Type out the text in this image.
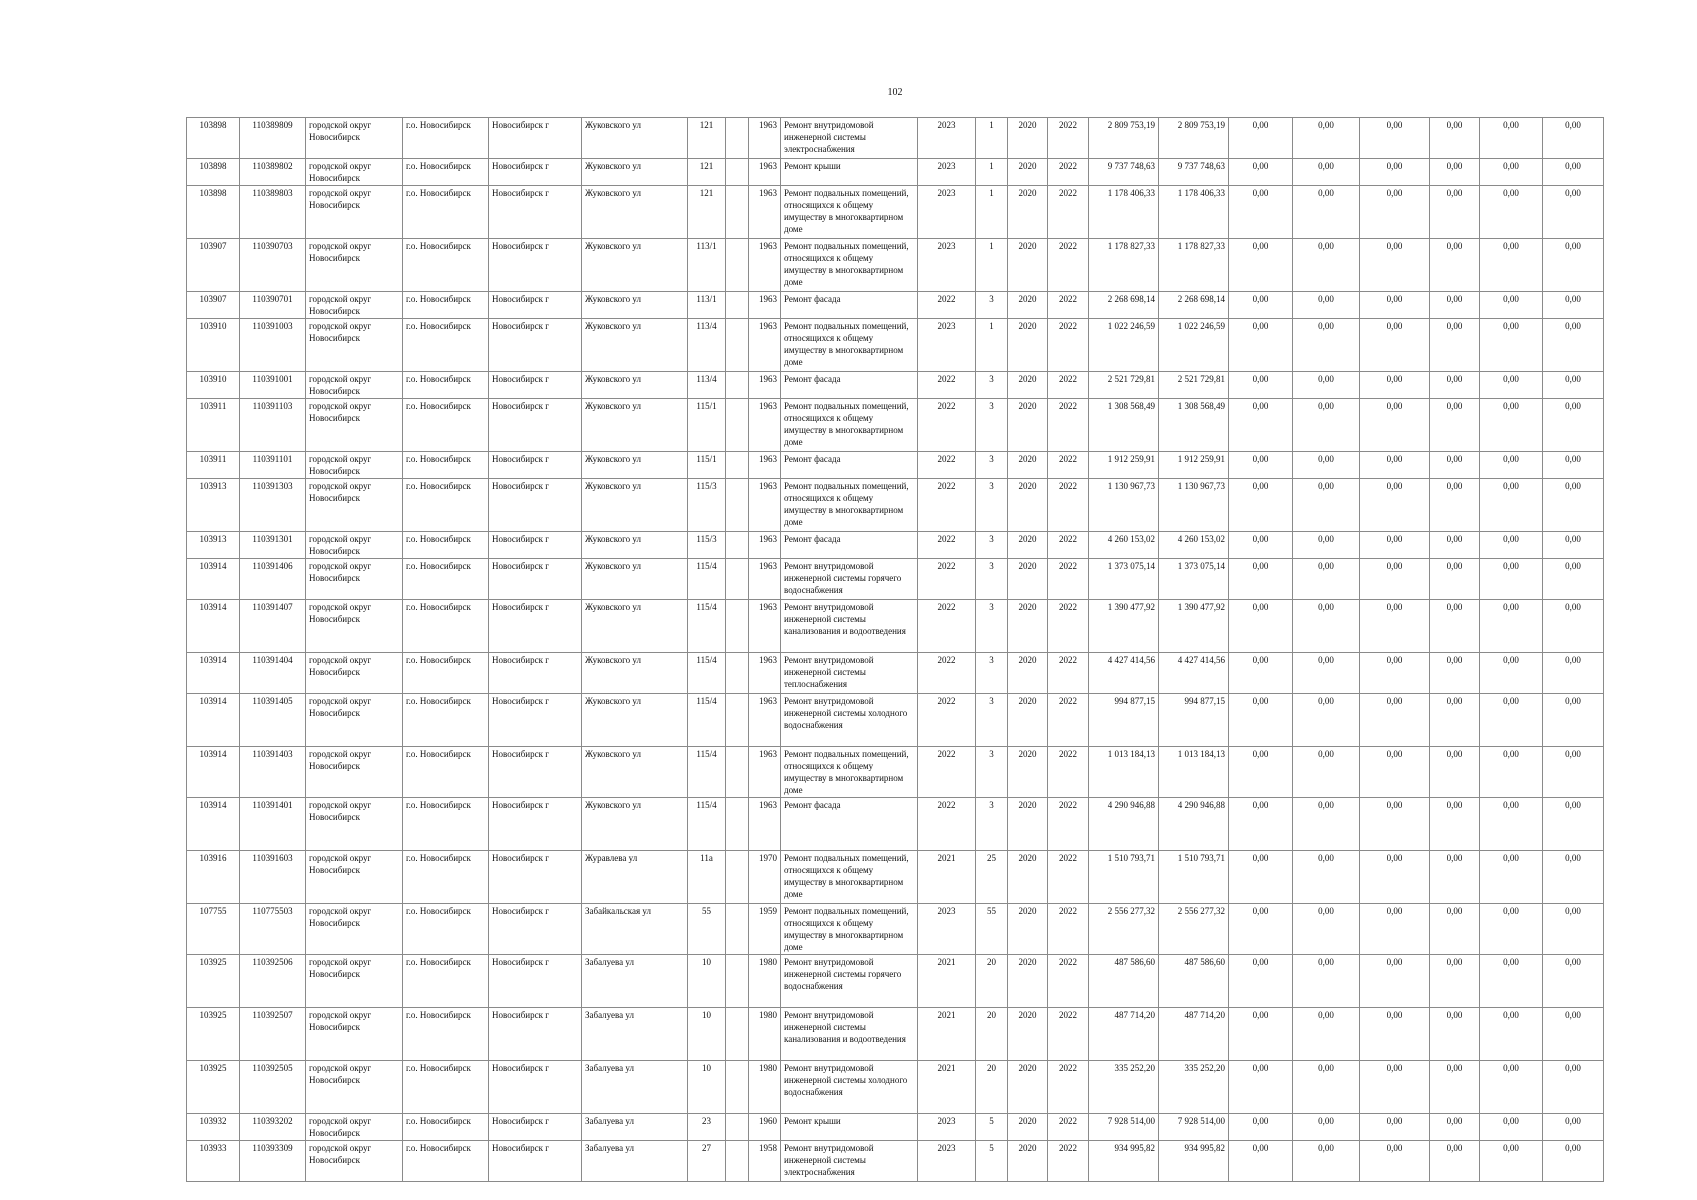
102
103898	110389809	городской округ Новосибирск	г.о. Новосибирск	Новосибирск г	Жуковского ул	121		1963	Ремонт внутридомовой инженерной системы электроснабжения	2023	1	2020	2022	2 809 753,19	2 809 753,19	0,00	0,00	0,00	0,00	0,00	0,00
103898	110389802	городской округ Новосибирск	г.о. Новосибирск	Новосибирск г	Жуковского ул	121		1963	Ремонт крыши	2023	1	2020	2022	9 737 748,63	9 737 748,63	0,00	0,00	0,00	0,00	0,00	0,00
103898	110389803	городской округ Новосибирск	г.о. Новосибирск	Новосибирск г	Жуковского ул	121		1963	Ремонт подвальных помещений, относящихся к общему имуществу в многоквартирном доме	2023	1	2020	2022	1 178 406,33	1 178 406,33	0,00	0,00	0,00	0,00	0,00	0,00
103907	110390703	городской округ Новосибирск	г.о. Новосибирск	Новосибирск г	Жуковского ул	113/1		1963	Ремонт подвальных помещений, относящихся к общему имуществу в многоквартирном доме	2023	1	2020	2022	1 178 827,33	1 178 827,33	0,00	0,00	0,00	0,00	0,00	0,00
103907	110390701	городской округ Новосибирск	г.о. Новосибирск	Новосибирск г	Жуковского ул	113/1		1963	Ремонт фасада	2022	3	2020	2022	2 268 698,14	2 268 698,14	0,00	0,00	0,00	0,00	0,00	0,00
103910	110391003	городской округ Новосибирск	г.о. Новосибирск	Новосибирск г	Жуковского ул	113/4		1963	Ремонт подвальных помещений, относящихся к общему имуществу в многоквартирном доме	2023	1	2020	2022	1 022 246,59	1 022 246,59	0,00	0,00	0,00	0,00	0,00	0,00
103910	110391001	городской округ Новосибирск	г.о. Новосибирск	Новосибирск г	Жуковского ул	113/4		1963	Ремонт фасада	2022	3	2020	2022	2 521 729,81	2 521 729,81	0,00	0,00	0,00	0,00	0,00	0,00
103911	110391103	городской округ Новосибирск	г.о. Новосибирск	Новосибирск г	Жуковского ул	115/1		1963	Ремонт подвальных помещений, относящихся к общему имуществу в многоквартирном доме	2022	3	2020	2022	1 308 568,49	1 308 568,49	0,00	0,00	0,00	0,00	0,00	0,00
103911	110391101	городской округ Новосибирск	г.о. Новосибирск	Новосибирск г	Жуковского ул	115/1		1963	Ремонт фасада	2022	3	2020	2022	1 912 259,91	1 912 259,91	0,00	0,00	0,00	0,00	0,00	0,00
103913	110391303	городской округ Новосибирск	г.о. Новосибирск	Новосибирск г	Жуковского ул	115/3		1963	Ремонт подвальных помещений, относящихся к общему имуществу в многоквартирном доме	2022	3	2020	2022	1 130 967,73	1 130 967,73	0,00	0,00	0,00	0,00	0,00	0,00
103913	110391301	городской округ Новосибирск	г.о. Новосибирск	Новосибирск г	Жуковского ул	115/3		1963	Ремонт фасада	2022	3	2020	2022	4 260 153,02	4 260 153,02	0,00	0,00	0,00	0,00	0,00	0,00
103914	110391406	городской округ Новосибирск	г.о. Новосибирск	Новосибирск г	Жуковского ул	115/4		1963	Ремонт внутридомовой инженерной системы горячего водоснабжения	2022	3	2020	2022	1 373 075,14	1 373 075,14	0,00	0,00	0,00	0,00	0,00	0,00
103914	110391407	городской округ Новосибирск	г.о. Новосибирск	Новосибирск г	Жуковского ул	115/4		1963	Ремонт внутридомовой инженерной системы канализования и водоотведения	2022	3	2020	2022	1 390 477,92	1 390 477,92	0,00	0,00	0,00	0,00	0,00	0,00
103914	110391404	городской округ Новосибирск	г.о. Новосибирск	Новосибирск г	Жуковского ул	115/4		1963	Ремонт внутридомовой инженерной системы теплоснабжения	2022	3	2020	2022	4 427 414,56	4 427 414,56	0,00	0,00	0,00	0,00	0,00	0,00
103914	110391405	городской округ Новосибирск	г.о. Новосибирск	Новосибирск г	Жуковского ул	115/4		1963	Ремонт внутридомовой инженерной системы холодного водоснабжения	2022	3	2020	2022	994 877,15	994 877,15	0,00	0,00	0,00	0,00	0,00	0,00
103914	110391403	городской округ Новосибирск	г.о. Новосибирск	Новосибирск г	Жуковского ул	115/4		1963	Ремонт подвальных помещений, относящихся к общему имуществу в многоквартирном доме	2022	3	2020	2022	1 013 184,13	1 013 184,13	0,00	0,00	0,00	0,00	0,00	0,00
103914	110391401	городской округ Новосибирск	г.о. Новосибирск	Новосибирск г	Жуковского ул	115/4		1963	Ремонт фасада	2022	3	2020	2022	4 290 946,88	4 290 946,88	0,00	0,00	0,00	0,00	0,00	0,00
103916	110391603	городской округ Новосибирск	г.о. Новосибирск	Новосибирск г	Журавлева ул	11а		1970	Ремонт подвальных помещений, относящихся к общему имуществу в многоквартирном доме	2021	25	2020	2022	1 510 793,71	1 510 793,71	0,00	0,00	0,00	0,00	0,00	0,00
107755	110775503	городской округ Новосибирск	г.о. Новосибирск	Новосибирск г	Забайкальская ул	55		1959	Ремонт подвальных помещений, относящихся к общему имуществу в многоквартирном доме	2023	55	2020	2022	2 556 277,32	2 556 277,32	0,00	0,00	0,00	0,00	0,00	0,00
103925	110392506	городской округ Новосибирск	г.о. Новосибирск	Новосибирск г	Забалуева ул	10		1980	Ремонт внутридомовой инженерной системы горячего водоснабжения	2021	20	2020	2022	487 586,60	487 586,60	0,00	0,00	0,00	0,00	0,00	0,00
103925	110392507	городской округ Новосибирск	г.о. Новосибирск	Новосибирск г	Забалуева ул	10		1980	Ремонт внутридомовой инженерной системы канализования и водоотведения	2021	20	2020	2022	487 714,20	487 714,20	0,00	0,00	0,00	0,00	0,00	0,00
103925	110392505	городской округ Новосибирск	г.о. Новосибирск	Новосибирск г	Забалуева ул	10		1980	Ремонт внутридомовой инженерной системы холодного водоснабжения	2021	20	2020	2022	335 252,20	335 252,20	0,00	0,00	0,00	0,00	0,00	0,00
103932	110393202	городской округ Новосибирск	г.о. Новосибирск	Новосибирск г	Забалуева ул	23		1960	Ремонт крыши	2023	5	2020	2022	7 928 514,00	7 928 514,00	0,00	0,00	0,00	0,00	0,00	0,00
103933	110393309	городской округ Новосибирск	г.о. Новосибирск	Новосибирск г	Забалуева ул	27		1958	Ремонт внутридомовой инженерной системы электроснабжения	2023	5	2020	2022	934 995,82	934 995,82	0,00	0,00	0,00	0,00	0,00	0,00
